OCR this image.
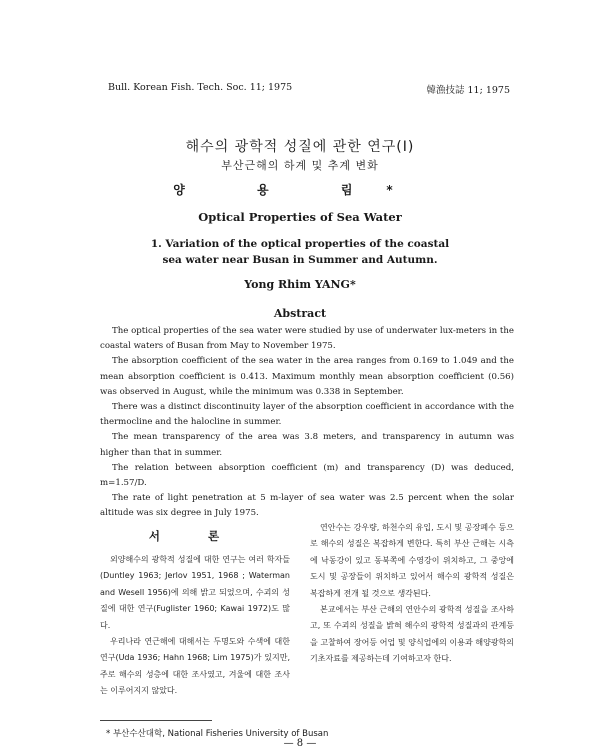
Bull. Korean Fish. Tech. Soc. 11; 1975	韓漁技誌 11; 1975
해수의 광학적 성질에 관한 연구(Ⅰ)
부산근해의 하계 및 추계 변화
양 용 림*
Optical Properties of Sea Water
1. Variation of the optical properties of the coastal
sea water near Busan in Summer and Autumn.
Yong Rhim YANG*
Abstract

The optical properties of the sea water were studied by use of underwater lux-meters in the coastal waters of Busan from May to November 1975.

The absorption coefficient of the sea water in the area ranges from 0.169 to 1.049 and the mean absorption coefficient is 0.413. Maximum monthly mean absorption coefficient (0.56) was observed in August, while the minimum was 0.338 in September.

There was a distinct discontinuity layer of the absorption coefficient in accordance with the thermocline and the halocline in summer.

The mean transparency of the area was 3.8 meters, and transparency in autumn was higher than that in summer.

The relation between absorption coefficient (m) and transparency (D) was deduced, m=1.57/D.

The rate of light penetration at 5 m-layer of sea water was 2.5 percent when the solar altitude was six degree in July 1975.

서 론

외양해수의 광학적 성질에 대한 연구는 여러 학자들(Duntley 1963; Jerlov 1951, 1968 ; Waterman and Wesell 1956)에 의해 밝고 되었으며, 수괴의 성질에 대한 연구(Fuglister 1960; Kawai 1972)도 많다.

우리나라 연근해에 대해서는 두명도와 수색에 대한 연구(Uda 1936; Hahn 1968; Lim 1975)가 있지만, 주로 해수의 성층에 대한 조사였고, 겨울에 대한 조사는 이루어지지 않았다.

연안수는 강우량, 하천수의 유입, 도시 및 공장폐수 등으로 해수의 성질은 복잡하게 변한다. 특히 부산 근해는 시측에 낙동강이 있고 동북쪽에 수영강이 위치하고, 그 중앙에 도시 및 공장들이 위치하고 있어서 해수의 광학적 성질은 복잡하게 전개 될 것으로 생각된다.

본교에서는 부산 근해의 연안수의 광학적 성질을 조사하고, 또 수괴의 성질을 밝혀 해수의 광학적 성질과의 관계등을 고찰하여 장어등 어업 및 양식업에의 이용과 해양광학의 기초자료를 제공하는데 기여하고자 한다.

* 부산수산대학, National Fisheries University of Busan
— 8 —
